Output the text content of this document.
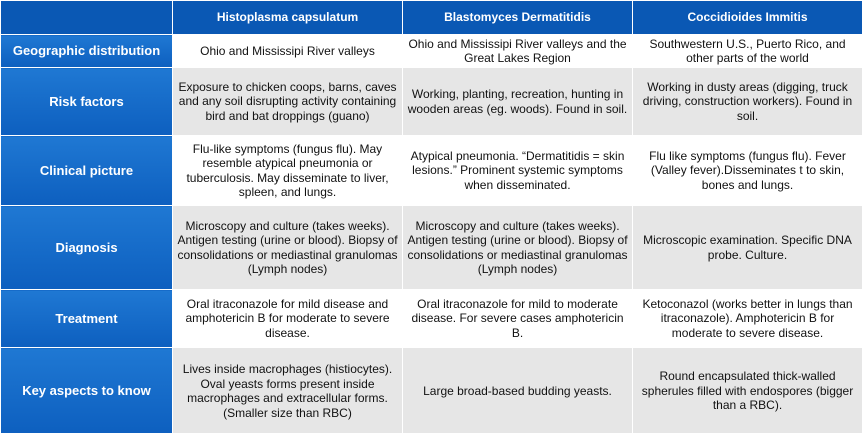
	Histoplasma capsulatum	Blastomyces Dermatitidis	Coccidioides Immitis
Geographic distribution	Ohio and Mississipi River valleys	Ohio and Mississipi River valleys and the Great Lakes Region	Southwestern U.S., Puerto Rico, and other parts of the world
Risk factors	Exposure to chicken coops, barns, caves and any soil disrupting activity containing bird and bat droppings (guano)	Working, planting, recreation, hunting in wooden areas (eg. woods). Found in soil.	Working in dusty areas (digging, truck driving, construction workers). Found in soil.
Clinical picture	Flu-like symptoms (fungus flu). May resemble atypical pneumonia or tuberculosis. May disseminate to liver, spleen, and lungs.	Atypical pneumonia. “Dermatitidis = skin lesions.” Prominent systemic symptoms when disseminated.	Flu like symptoms (fungus flu). Fever (Valley fever).Disseminates t to skin, bones and lungs.
Diagnosis	Microscopy and culture (takes weeks). Antigen testing (urine or blood). Biopsy of consolidations or mediastinal granulomas (Lymph nodes)	Microscopy and culture (takes weeks). Antigen testing (urine or blood). Biopsy of consolidations or mediastinal granulomas (Lymph nodes)	Microscopic examination. Specific DNA probe. Culture.
Treatment	Oral itraconazole for mild disease and amphotericin B for moderate to severe disease.	Oral itraconazole for mild to moderate disease. For severe cases amphotericin B.	Ketoconazol (works better in lungs than itraconazole). Amphotericin B for moderate to severe disease.
Key aspects to know	Lives inside macrophages (histiocytes). Oval yeasts forms present inside macrophages and extracellular forms. (Smaller size than RBC)	Large broad-based budding yeasts.	Round encapsulated thick-walled spherules filled with endospores (bigger than a RBC).
